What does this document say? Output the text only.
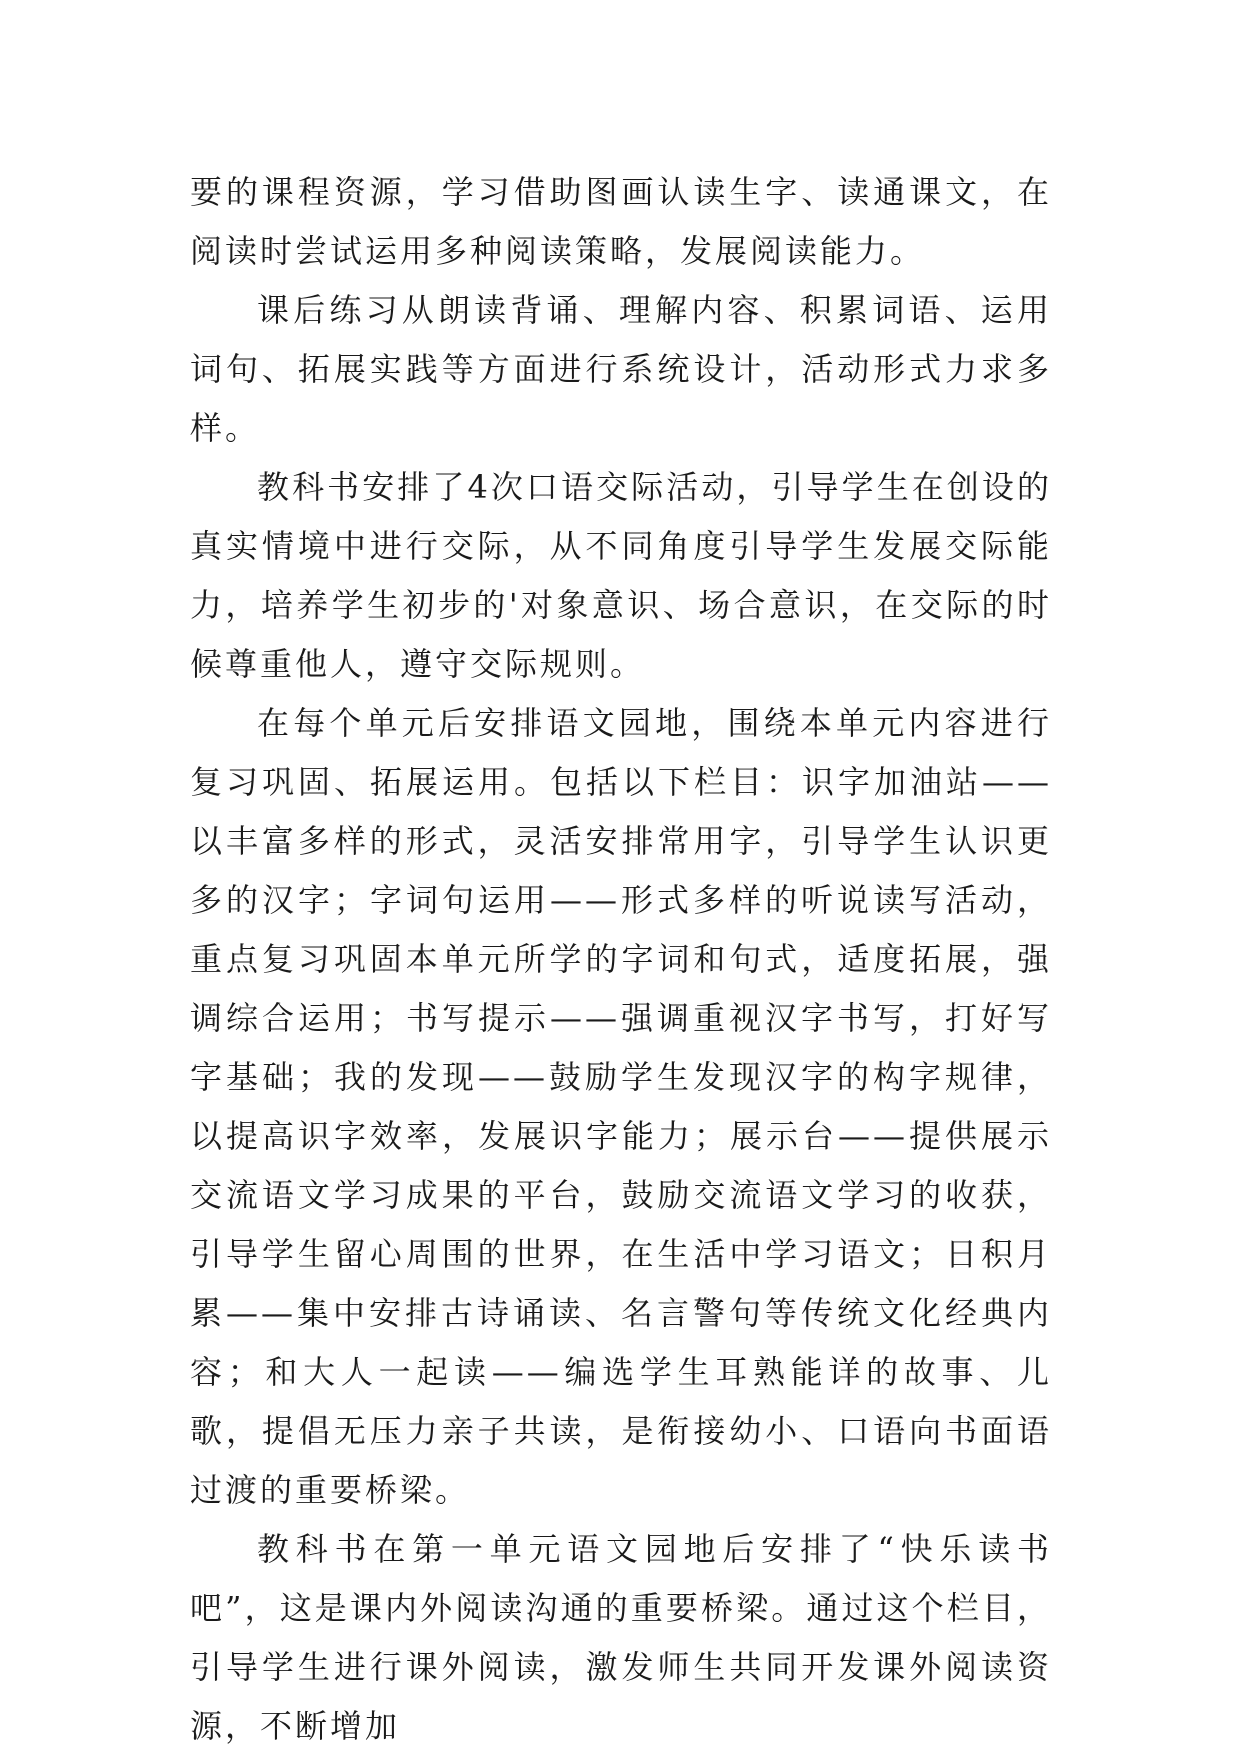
要的课程资源，学习借助图画认读生字、读通课文，在阅读时尝试运用多种阅读策略，发展阅读能力。

课后练习从朗读背诵、理解内容、积累词语、运用词句、拓展实践等方面进行系统设计，活动形式力求多样。

教科书安排了4次口语交际活动，引导学生在创设的真实情境中进行交际，从不同角度引导学生发展交际能力，培养学生初步的'对象意识、场合意识，在交际的时候尊重他人，遵守交际规则。

在每个单元后安排语文园地，围绕本单元内容进行复习巩固、拓展运用。包括以下栏目：识字加油站——以丰富多样的形式，灵活安排常用字，引导学生认识更多的汉字；字词句运用——形式多样的听说读写活动，重点复习巩固本单元所学的字词和句式，适度拓展，强调综合运用；书写提示——强调重视汉字书写，打好写字基础；我的发现——鼓励学生发现汉字的构字规律，以提高识字效率，发展识字能力；展示台——提供展示交流语文学习成果的平台，鼓励交流语文学习的收获，引导学生留心周围的世界，在生活中学习语文；日积月累——集中安排古诗诵读、名言警句等传统文化经典内容；和大人一起读——编选学生耳熟能详的故事、儿歌，提倡无压力亲子共读，是衔接幼小、口语向书面语过渡的重要桥梁。

教科书在第一单元语文园地后安排了“快乐读书吧”，这是课内外阅读沟通的重要桥梁。通过这个栏目，引导学生进行课外阅读，激发师生共同开发课外阅读资源，不断增加
